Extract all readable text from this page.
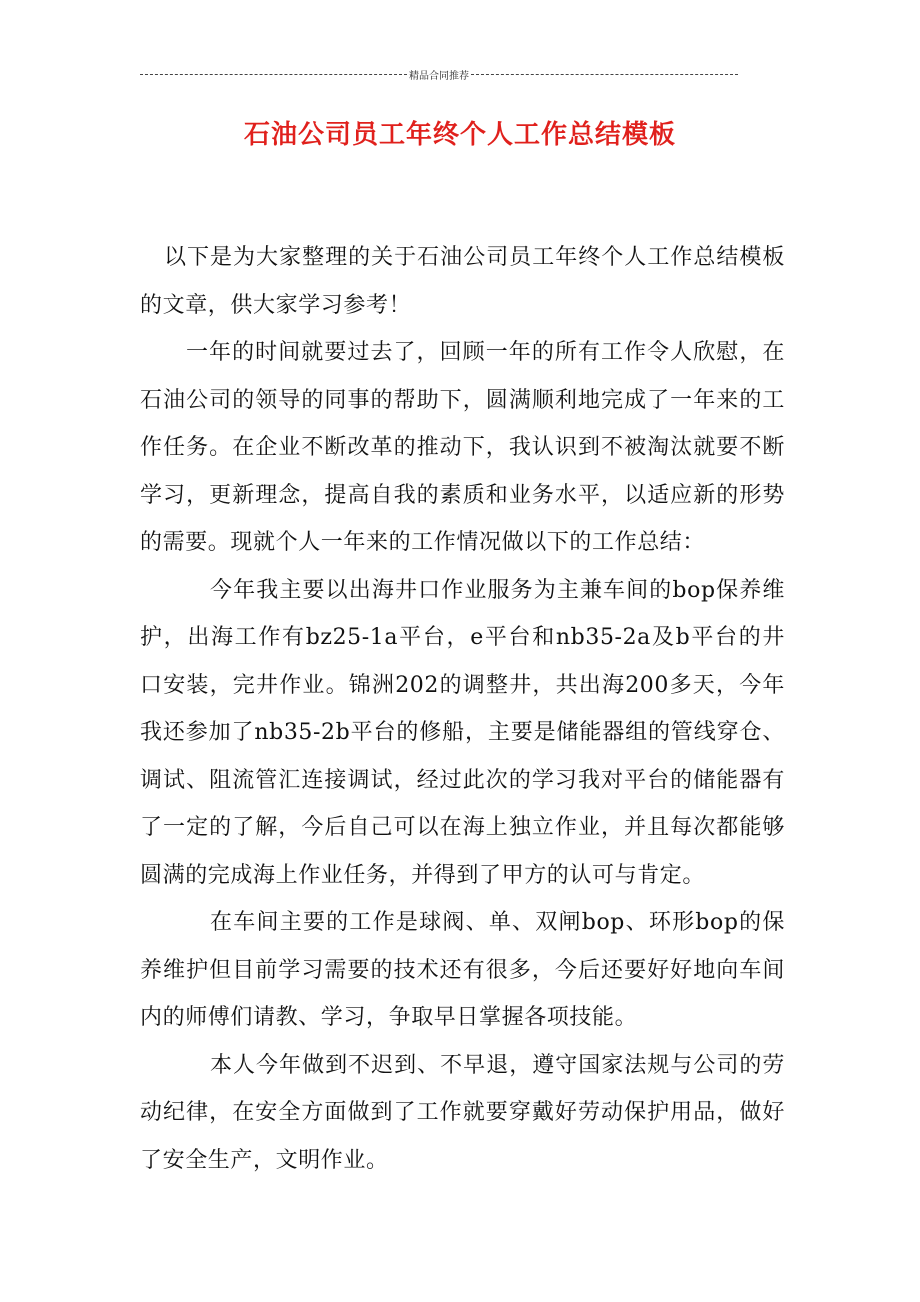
精品合同推荐
石油公司员工年终个人工作总结模板

以下是为大家整理的关于石油公司员工年终个人工作总结模板的文章，供大家学习参考！

一年的时间就要过去了，回顾一年的所有工作令人欣慰，在石油公司的领导的同事的帮助下，圆满顺利地完成了一年来的工作任务。在企业不断改革的推动下，我认识到不被淘汰就要不断学习，更新理念，提高自我的素质和业务水平，以适应新的形势的需要。现就个人一年来的工作情况做以下的工作总结：

今年我主要以出海井口作业服务为主兼车间的bop保养维护，出海工作有bz25-1a平台，e平台和nb35-2a及b平台的井口安装，完井作业。锦洲202的调整井，共出海200多天，今年我还参加了nb35-2b平台的修船，主要是储能器组的管线穿仓、调试、阻流管汇连接调试，经过此次的学习我对平台的储能器有了一定的了解，今后自己可以在海上独立作业，并且每次都能够圆满的完成海上作业任务，并得到了甲方的认可与肯定。

在车间主要的工作是球阀、单、双闸bop、环形bop的保养维护但目前学习需要的技术还有很多，今后还要好好地向车间内的师傅们请教、学习，争取早日掌握各项技能。

本人今年做到不迟到、不早退，遵守国家法规与公司的劳动纪律，在安全方面做到了工作就要穿戴好劳动保护用品，做好了安全生产，文明作业。
